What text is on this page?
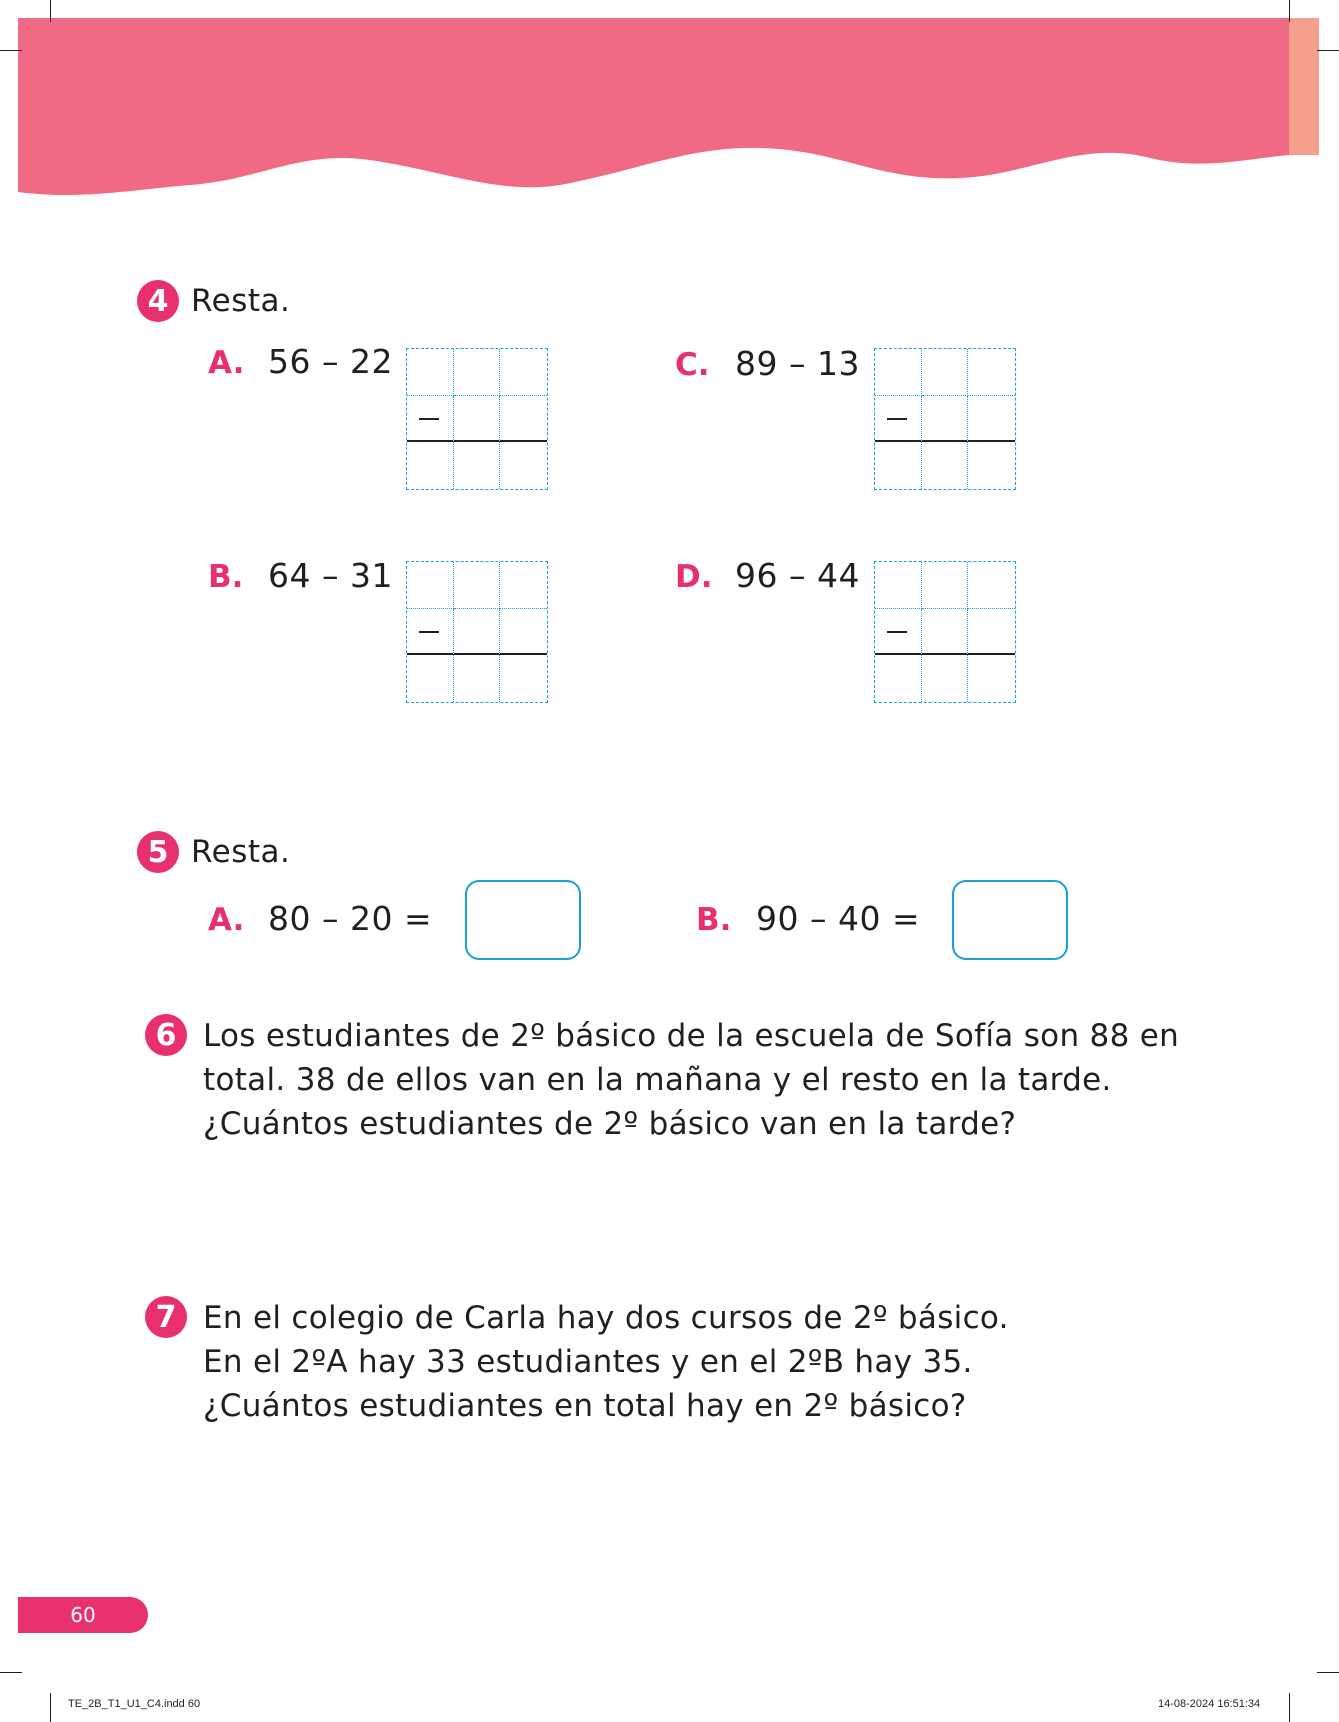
4 Resta.
A. 56 – 22	C. 89 – 13
B. 64 – 31	D. 96 – 44
5 Resta.
A. 80 – 20 =	B. 90 – 40 =
6 Los estudiantes de 2º básico de la escuela de Sofía son 88 en
total. 38 de ellos van en la mañana y el resto en la tarde.
¿Cuántos estudiantes de 2º básico van en la tarde?
7 En el colegio de Carla hay dos cursos de 2º básico.
En el 2ºA hay 33 estudiantes y en el 2ºB hay 35.
¿Cuántos estudiantes en total hay en 2º básico?
60
TE_2B_T1_U1_C4.indd 60	14-08-2024 16:51:34
